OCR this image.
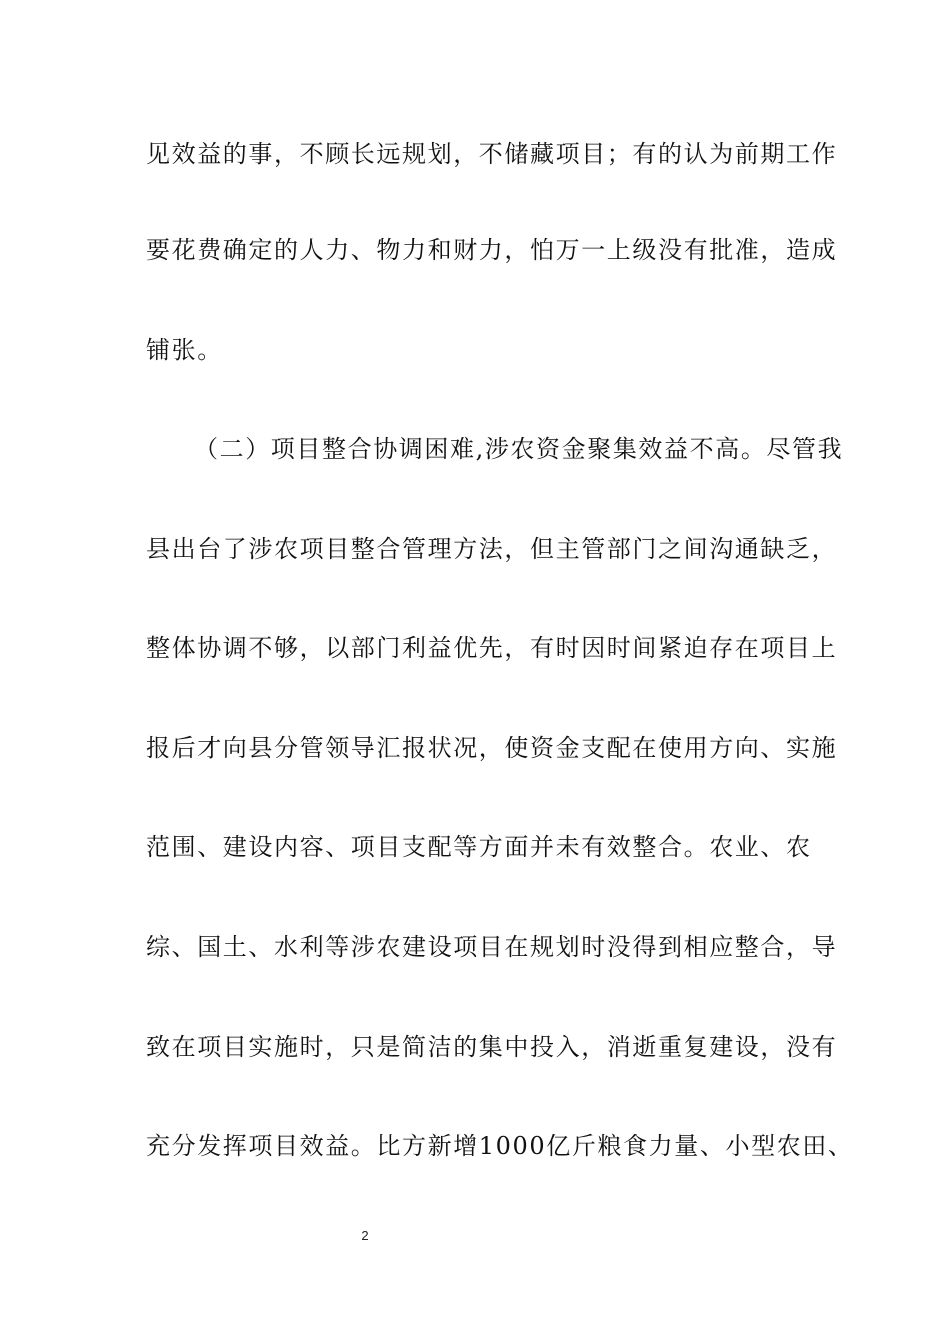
见效益的事，不顾长远规划，不储藏项目；有的认为前期工作
要花费确定的人力、物力和财力，怕万一上级没有批准，造成
铺张。
（二）项目整合协调困难,涉农资金聚集效益不高。尽管我
县出台了涉农项目整合管理方法，但主管部门之间沟通缺乏，
整体协调不够，以部门利益优先，有时因时间紧迫存在项目上
报后才向县分管领导汇报状况，使资金支配在使用方向、实施
范围、建设内容、项目支配等方面并未有效整合。农业、农
综、国土、水利等涉农建设项目在规划时没得到相应整合，导
致在项目实施时，只是简洁的集中投入，消逝重复建设，没有
充分发挥项目效益。比方新增1000亿斤粮食力量、小型农田、
2
